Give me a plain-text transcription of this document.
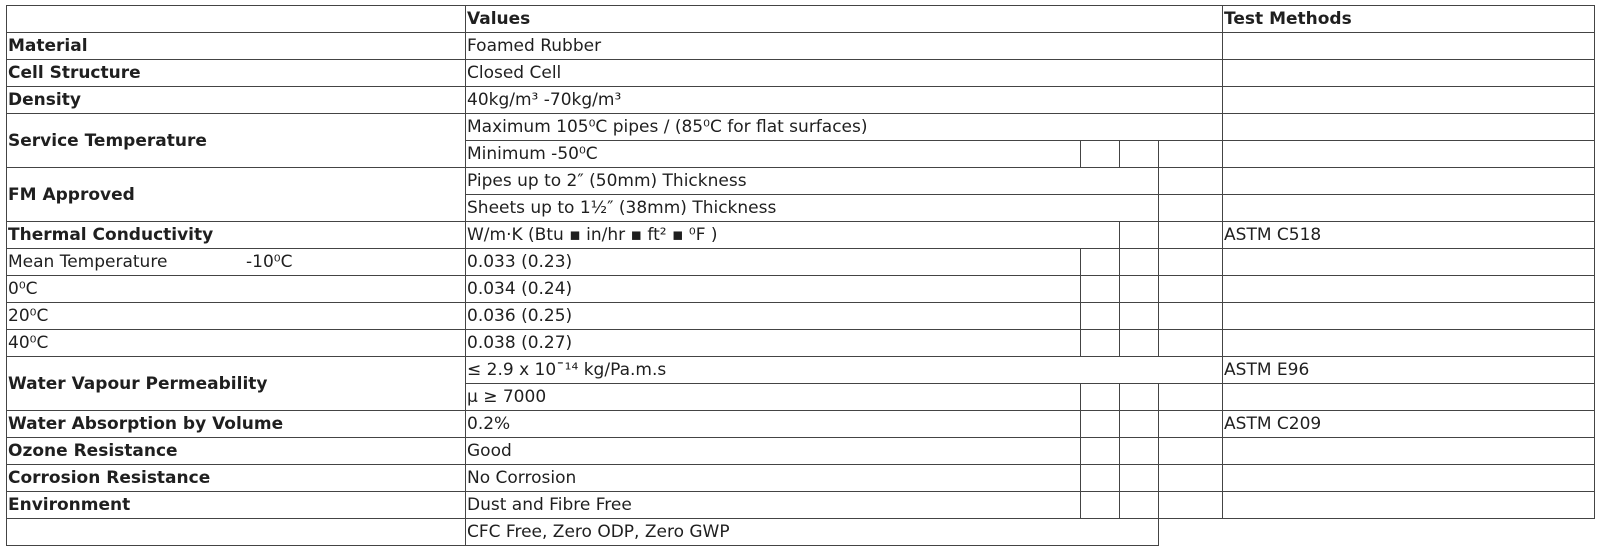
	Values				Test Methods
Material	Foamed Rubber				
Cell Structure	Closed Cell				
Density	40kg/m³ -70kg/m³				
Service Temperature	Maximum 105⁰C pipes / (85⁰C for flat surfaces)				
	Minimum -50⁰C				
FM Approved	Pipes up to 2″ (50mm) Thickness				
	Sheets up to 1½″ (38mm) Thickness				
Thermal Conductivity	W/m·K (Btu ▪ in/hr ▪ ft² ▪ ⁰F )				ASTM C518
Mean Temperature -10⁰C	0.033 (0.23)				
0⁰C	0.034 (0.24)				
20⁰C	0.036 (0.25)				
40⁰C	0.038 (0.27)				
Water Vapour Permeability	≤ 2.9 x 10¯¹⁴ kg/Pa.m.s				ASTM E96
	µ ≥ 7000				
Water Absorption by Volume	0.2%				ASTM C209
Ozone Resistance	Good				
Corrosion Resistance	No Corrosion				
Environment	Dust and Fibre Free				
	CFC Free, Zero ODP, Zero GWP				
